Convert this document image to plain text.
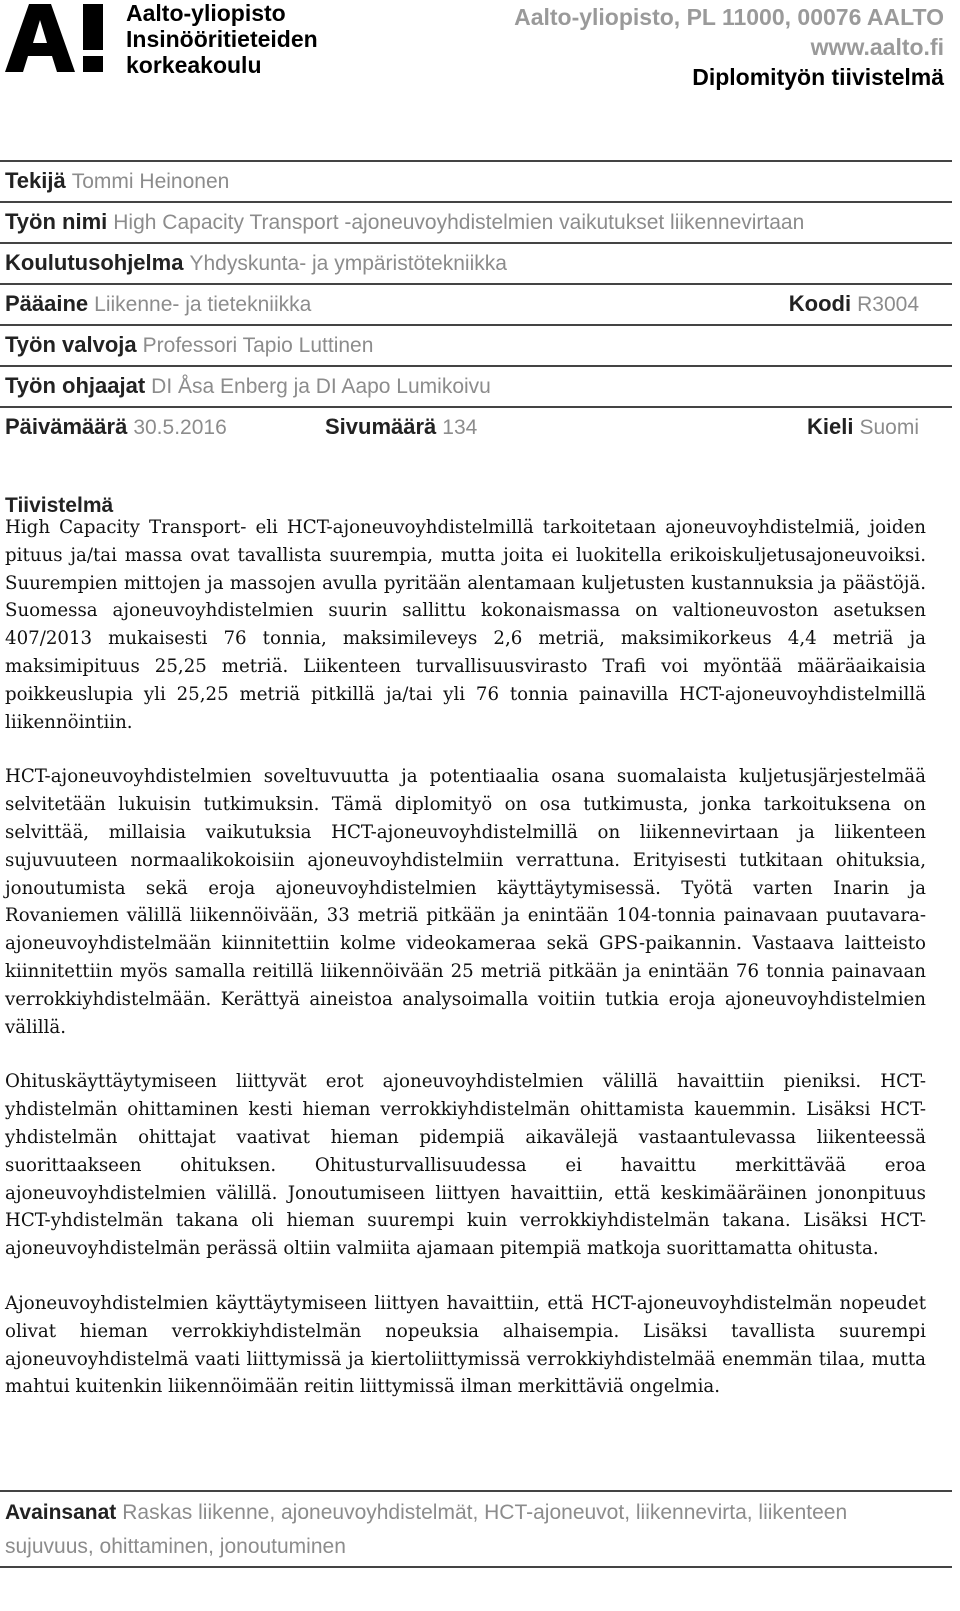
Aalto-yliopisto
Insinööritieteiden
korkeakoulu
Aalto-yliopisto, PL 11000, 00076 AALTO
www.aalto.fi
Diplomityön tiivistelmä
Tekijä Tommi Heinonen
Työn nimi High Capacity Transport -ajoneuvoyhdistelmien vaikutukset liikennevirtaan
Koulutusohjelma Yhdyskunta- ja ympäristötekniikka
Pääaine Liikenne- ja tietekniikka	Koodi R3004
Työn valvoja Professori Tapio Luttinen
Työn ohjaajat DI Åsa Enberg ja DI Aapo Lumikoivu
Päivämäärä 30.5.2016	Sivumäärä 134	Kieli Suomi
Tiivistelmä

High Capacity Transport- eli HCT-ajoneuvoyhdistelmillä tarkoitetaan ajoneuvoyhdistelmiä, joiden pituus ja/tai massa ovat tavallista suurempia, mutta joita ei luokitella erikoiskuljetusajoneuvoiksi. Suurempien mittojen ja massojen avulla pyritään alentamaan kuljetusten kustannuksia ja päästöjä. Suomessa ajoneuvoyhdistelmien suurin sallittu kokonaismassa on valtioneuvoston asetuksen 407/2013 mukaisesti 76 tonnia, maksimileveys 2,6 metriä, maksimikorkeus 4,4 metriä ja maksimipituus 25,25 metriä. Liikenteen turvallisuusvirasto Trafi voi myöntää määräaikaisia poikkeuslupia yli 25,25 metriä pitkillä ja/tai yli 76 tonnia painavilla HCT-ajoneuvoyhdistelmillä liikennöintiin.

HCT-ajoneuvoyhdistelmien soveltuvuutta ja potentiaalia osana suomalaista kuljetusjärjestelmää selvitetään lukuisin tutkimuksin. Tämä diplomityö on osa tutkimusta, jonka tarkoituksena on selvittää, millaisia vaikutuksia HCT-ajoneuvoyhdistelmillä on liikennevirtaan ja liikenteen sujuvuuteen normaalikokoisiin ajoneuvoyhdistelmiin verrattuna. Erityisesti tutkitaan ohituksia, jonoutumista sekä eroja ajoneuvoyhdistelmien käyttäytymisessä. Työtä varten Inarin ja Rovaniemen välillä liikennöivään, 33 metriä pitkään ja enintään 104-tonnia painavaan puutavara-ajoneuvoyhdistelmään kiinnitettiin kolme videokameraa sekä GPS-paikannin. Vastaava laitteisto kiinnitettiin myös samalla reitillä liikennöivään 25 metriä pitkään ja enintään 76 tonnia painavaan verrokkiyhdistelmään. Kerättyä aineistoa analysoimalla voitiin tutkia eroja ajoneuvoyhdistelmien välillä.

Ohituskäyttäytymiseen liittyvät erot ajoneuvoyhdistelmien välillä havaittiin pieniksi. HCT-yhdistelmän ohittaminen kesti hieman verrokkiyhdistelmän ohittamista kauemmin. Lisäksi HCT-yhdistelmän ohittajat vaativat hieman pidempiä aikavälejä vastaantulevassa liikenteessä suorittaakseen ohituksen. Ohitusturvallisuudessa ei havaittu merkittävää eroa ajoneuvoyhdistelmien välillä. Jonoutumiseen liittyen havaittiin, että keskimääräinen jononpituus HCT-yhdistelmän takana oli hieman suurempi kuin verrokkiyhdistelmän takana. Lisäksi HCT-ajoneuvoyhdistelmän perässä oltiin valmiita ajamaan pitempiä matkoja suorittamatta ohitusta.

Ajoneuvoyhdistelmien käyttäytymiseen liittyen havaittiin, että HCT-ajoneuvoyhdistelmän nopeudet olivat hieman verrokkiyhdistelmän nopeuksia alhaisempia. Lisäksi tavallista suurempi ajoneuvoyhdistelmä vaati liittymissä ja kiertoliittymissä verrokkiyhdistelmää enemmän tilaa, mutta mahtui kuitenkin liikennöimään reitin liittymissä ilman merkittäviä ongelmia.

Avainsanat Raskas liikenne, ajoneuvoyhdistelmät, HCT-ajoneuvot, liikennevirta, liikenteen sujuvuus, ohittaminen, jonoutuminen
